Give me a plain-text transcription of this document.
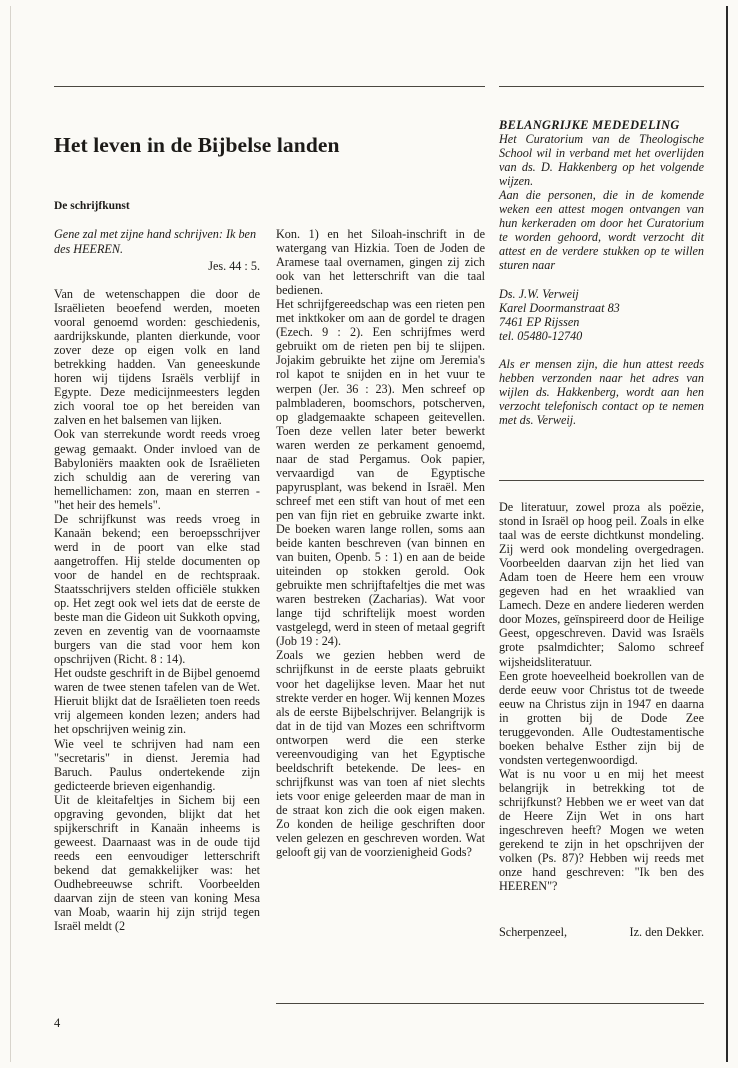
Het leven in de Bijbelse landen
De schrijfkunst
Gene zal met zijne hand schrijven: Ik ben des HEEREN.
Jes. 44 : 5.

Van de wetenschappen die door de Israëlieten beoefend werden, moeten vooral genoemd worden: geschiedenis, aardrijkskunde, planten dierkunde, voor zover deze op eigen volk en land betrekking hadden. Van geneeskunde horen wij tijdens Israëls verblijf in Egypte. Deze medicijnmeesters legden zich vooral toe op het bereiden van zalven en het balsemen van lijken.

Ook van sterrekunde wordt reeds vroeg gewag gemaakt. Onder invloed van de Babyloniërs maakten ook de Israëlieten zich schuldig aan de verering van hemellichamen: zon, maan en sterren - "het heir des hemels".

De schrijfkunst was reeds vroeg in Kanaän bekend; een beroepsschrijver werd in de poort van elke stad aangetroffen. Hij stelde documenten op voor de handel en de rechtspraak. Staatsschrijvers stelden officiële stukken op. Het zegt ook wel iets dat de eerste de beste man die Gideon uit Sukkoth opving, zeven en zeventig van de voornaamste burgers van die stad voor hem kon opschrijven (Richt. 8 : 14).

Het oudste geschrift in de Bijbel genoemd waren de twee stenen tafelen van de Wet. Hieruit blijkt dat de Israëlieten toen reeds vrij algemeen konden lezen; anders had het opschrijven weinig zin.

Wie veel te schrijven had nam een "secretaris" in dienst. Jeremia had Baruch. Paulus ondertekende zijn gedicteerde brieven eigenhandig.

Uit de kleitafeltjes in Sichem bij een opgraving gevonden, blijkt dat het spijkerschrift in Kanaän inheems is geweest. Daarnaast was in de oude tijd reeds een eenvoudiger letterschrift bekend dat gemakkelijker was: het Oudhebreeuwse schrift. Voorbeelden daarvan zijn de steen van koning Mesa van Moab, waarin hij zijn strijd tegen Israël meldt (2

Kon. 1) en het Siloah-inschrift in de watergang van Hizkia. Toen de Joden de Aramese taal overnamen, gingen zij zich ook van het letterschrift van die taal bedienen.

Het schrijfgereedschap was een rieten pen met inktkoker om aan de gordel te dragen (Ezech. 9 : 2). Een schrijfmes werd gebruikt om de rieten pen bij te slijpen. Jojakim gebruikte het zijne om Jeremia's rol kapot te snijden en in het vuur te werpen (Jer. 36 : 23). Men schreef op palmbladeren, boomschors, potscherven, op gladgemaakte schapeen geitevellen. Toen deze vellen later beter bewerkt waren werden ze perkament genoemd, naar de stad Pergamus. Ook papier, vervaardigd van de Egyptische papyrusplant, was bekend in Israël. Men schreef met een stift van hout of met een pen van fijn riet en gebruike zwarte inkt. De boeken waren lange rollen, soms aan beide kanten beschreven (van binnen en van buiten, Openb. 5 : 1) en aan de beide uiteinden op stokken gerold. Ook gebruikte men schrijftafeltjes die met was waren bestreken (Zacharias). Wat voor lange tijd schriftelijk moest worden vastgelegd, werd in steen of metaal gegrift (Job 19 : 24).

Zoals we gezien hebben werd de schrijfkunst in de eerste plaats gebruikt voor het dagelijkse leven. Maar het nut strekte verder en hoger. Wij kennen Mozes als de eerste Bijbelschrijver. Belangrijk is dat in de tijd van Mozes een schriftvorm ontworpen werd die een sterke vereenvoudiging van het Egyptische beeldschrift betekende. De lees- en schrijfkunst was van toen af niet slechts iets voor enige geleerden maar de man in de straat kon zich die ook eigen maken. Zo konden de heilige geschriften door velen gelezen en geschreven worden. Wat gelooft gij van de voorzienigheid Gods?

BELANGRIJKE MEDEDELING

Het Curatorium van de Theologische School wil in verband met het overlijden van ds. D. Hakkenberg op het volgende wijzen.

Aan die personen, die in de komende weken een attest mogen ontvangen van hun kerkeraden om door het Curatorium te worden gehoord, wordt verzocht dit attest en de verdere stukken op te willen sturen naar

Ds. J.W. Verweij
Karel Doormanstraat 83
7461 EP Rijssen
tel. 05480-12740

Als er mensen zijn, die hun attest reeds hebben verzonden naar het adres van wijlen ds. Hakkenberg, wordt aan hen verzocht telefonisch contact op te nemen met ds. Verweij.

De literatuur, zowel proza als poëzie, stond in Israël op hoog peil. Zoals in elke taal was de eerste dichtkunst mondeling. Zij werd ook mondeling overgedragen. Voorbeelden daarvan zijn het lied van Adam toen de Heere hem een vrouw gegeven had en het wraaklied van Lamech. Deze en andere liederen werden door Mozes, geïnspireerd door de Heilige Geest, opgeschreven. David was Israëls grote psalmdichter; Salomo schreef wijsheidsliteratuur.

Een grote hoeveelheid boekrollen van de derde eeuw voor Christus tot de tweede eeuw na Christus zijn in 1947 en daarna in grotten bij de Dode Zee teruggevonden. Alle Oudtestamentische boeken behalve Esther zijn bij de vondsten vertegenwoordigd.

Wat is nu voor u en mij het meest belangrijk in betrekking tot de schrijfkunst? Hebben we er weet van dat de Heere Zijn Wet in ons hart ingeschreven heeft? Mogen we weten gerekend te zijn in het opschrijven der volken (Ps. 87)? Hebben wij reeds met onze hand geschreven: "Ik ben des HEEREN"?

Scherpenzeel,	Iz. den Dekker.
4
